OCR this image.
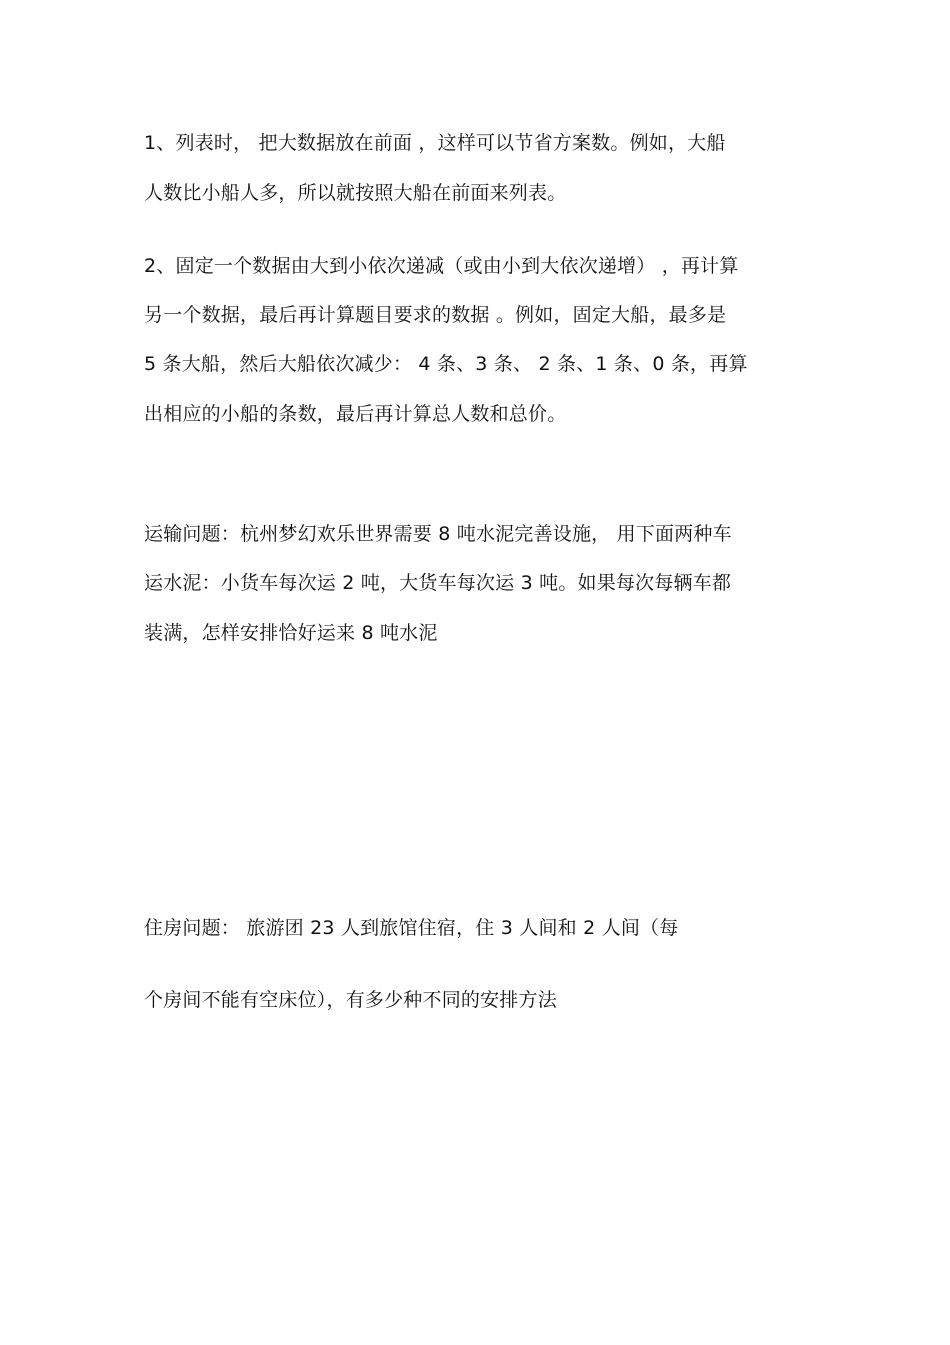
1、列表时， 把大数据放在前面 ，这样可以节省方案数。例如，大船
人数比小船人多，所以就按照大船在前面来列表。
2、固定一个数据由大到小依次递减（或由小到大依次递增） ，再计算
另一个数据，最后再计算题目要求的数据 。例如，固定大船，最多是
5 条大船，然后大船依次减少： 4 条、3 条、 2 条、1 条、0 条，再算
出相应的小船的条数，最后再计算总人数和总价。
运输问题：杭州梦幻欢乐世界需要 8 吨水泥完善设施， 用下面两种车
运水泥：小货车每次运 2 吨，大货车每次运 3 吨。如果每次每辆车都
装满，怎样安排恰好运来 8 吨水泥
住房问题： 旅游团 23 人到旅馆住宿，住 3 人间和 2 人间（每
个房间不能有空床位），有多少种不同的安排方法
